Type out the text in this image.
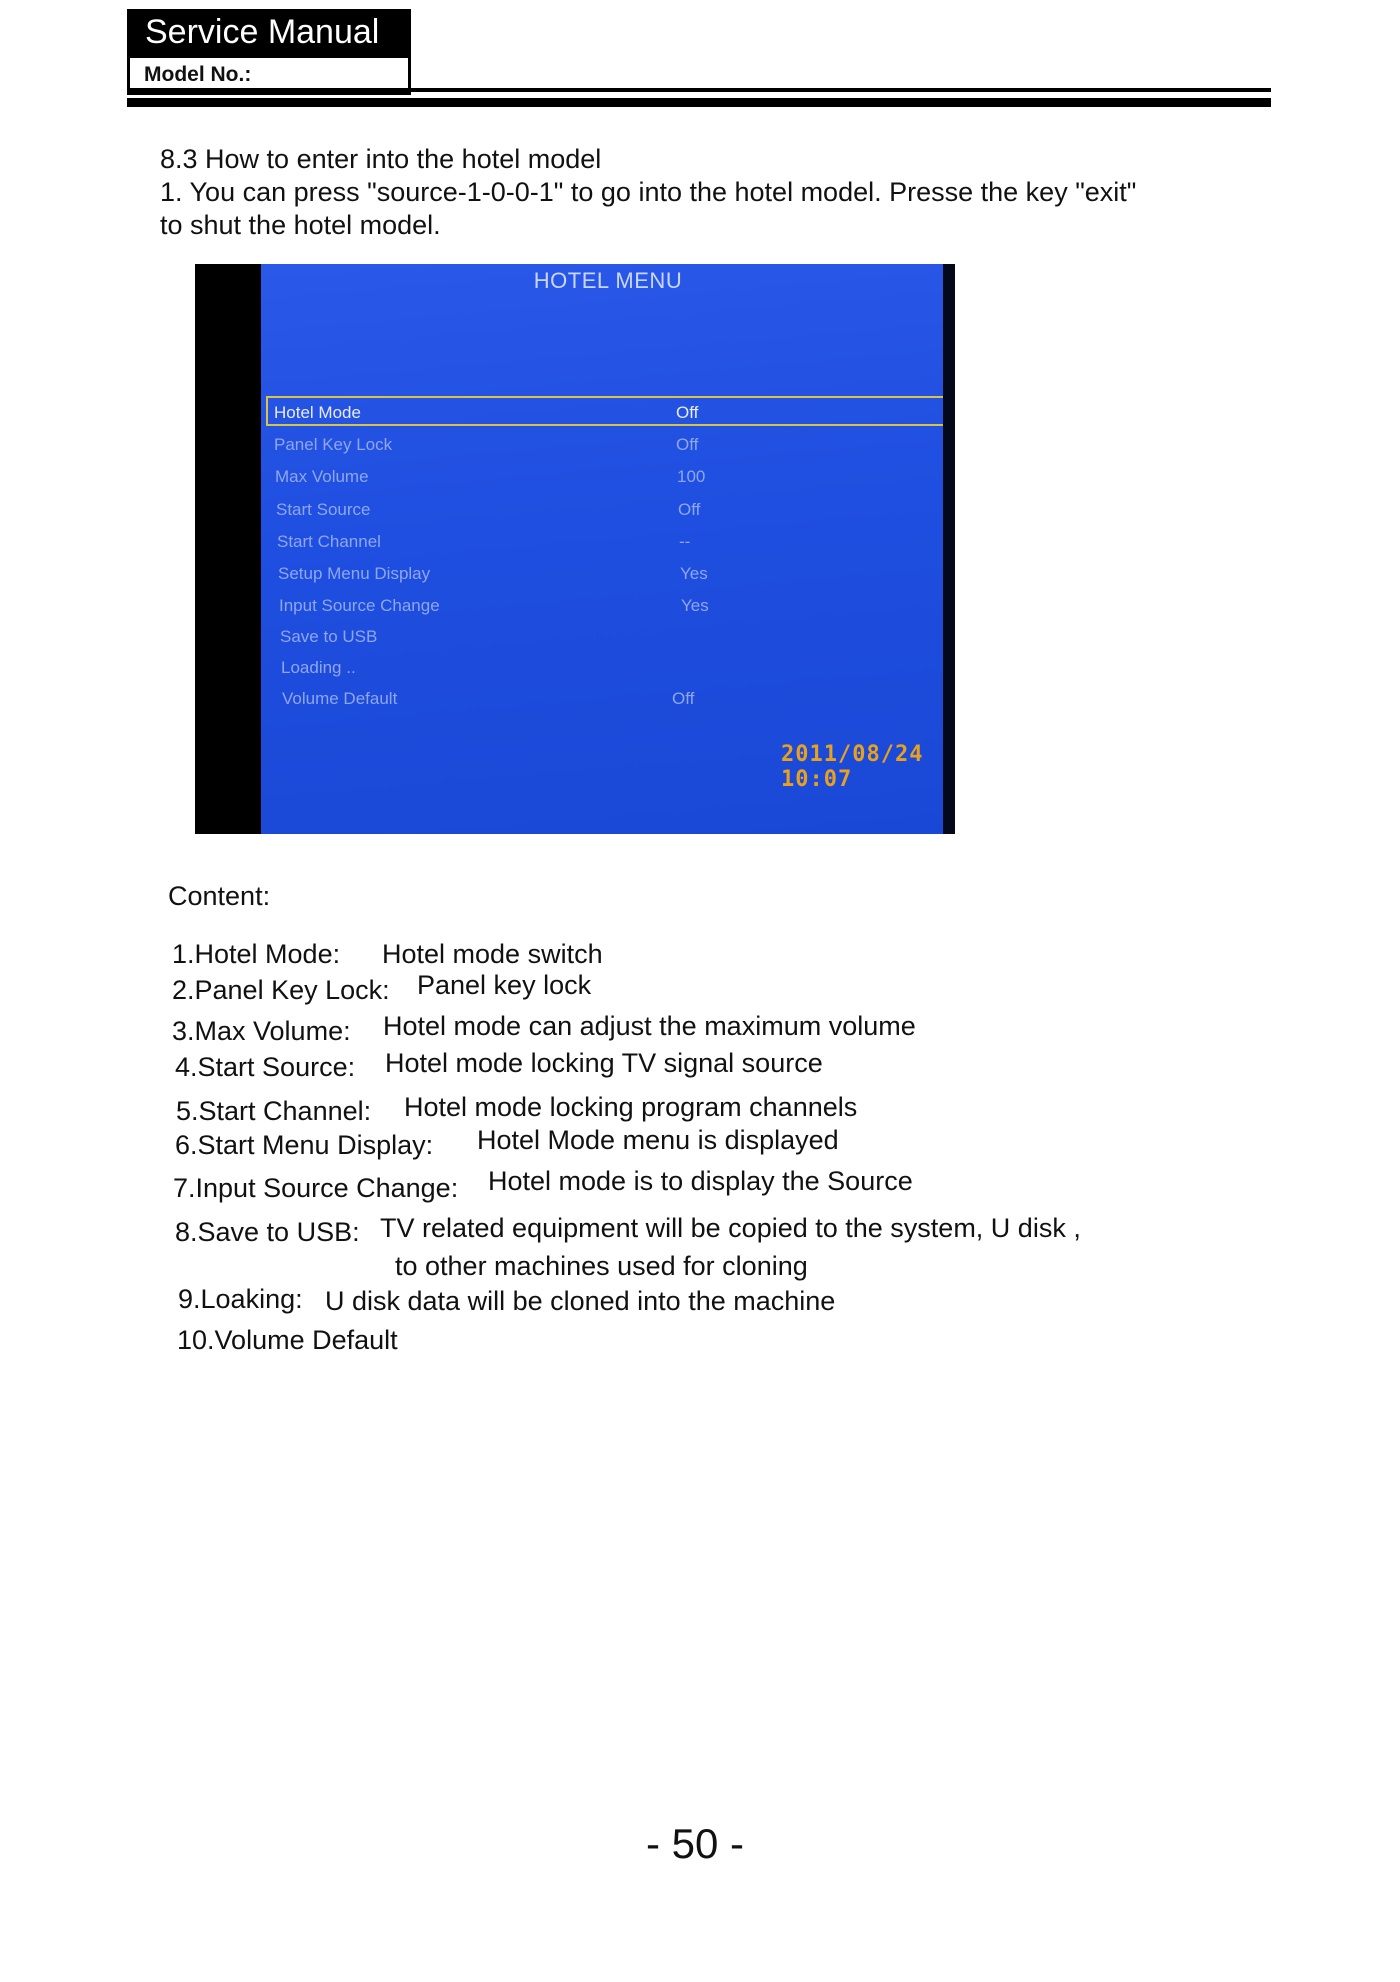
Service Manual
Model No.:
8.3 How to enter into the hotel model
1. You can press "source-1-0-0-1" to go into the hotel model. Presse the key "exit"
to shut the hotel model.
HOTEL MENU
Hotel Mode	Off
Panel Key Lock	Off
Max Volume	100
Start Source	Off
Start Channel	--
Setup Menu Display	Yes
Input Source Change	Yes
Save to USB
Loading ..
Volume Default	Off
2011/08/24 10:07
Content:
1.Hotel Mode: Hotel mode switch
2.Panel Key Lock: Panel key lock
3.Max Volume: Hotel mode can adjust the maximum volume
4.Start Source: Hotel mode locking TV signal source
5.Start Channel: Hotel mode locking program channels
6.Start Menu Display: Hotel Mode menu is displayed
7.Input Source Change: Hotel mode is to display the Source
8.Save to USB: TV related equipment will be copied to the system, U disk ,
to other machines used for cloning
9.Loaking: U disk data will be cloned into the machine
10.Volume Default
- 50 -
